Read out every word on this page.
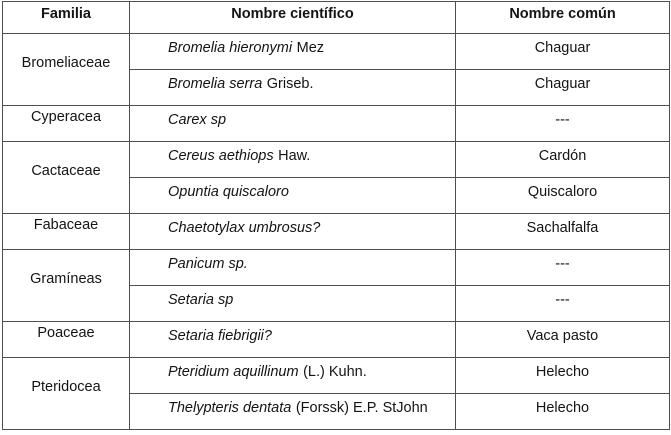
Familia	Nombre científico	Nombre común
Bromeliaceae	Bromelia hieronymi Mez	Chaguar
	Bromelia serra Griseb.	Chaguar
Cyperacea	Carex sp	---
Cactaceae	Cereus aethiops Haw.	Cardón
	Opuntia quiscaloro	Quiscaloro
Fabaceae	Chaetotylax umbrosus?	Sachalfalfa
Gramíneas	Panicum sp.	---
	Setaria sp	---
Poaceae	Setaria fiebrigii?	Vaca pasto
Pteridocea	Pteridium aquillinum (L.) Kuhn.	Helecho
	Thelypteris dentata (Forssk) E.P. StJohn	Helecho
